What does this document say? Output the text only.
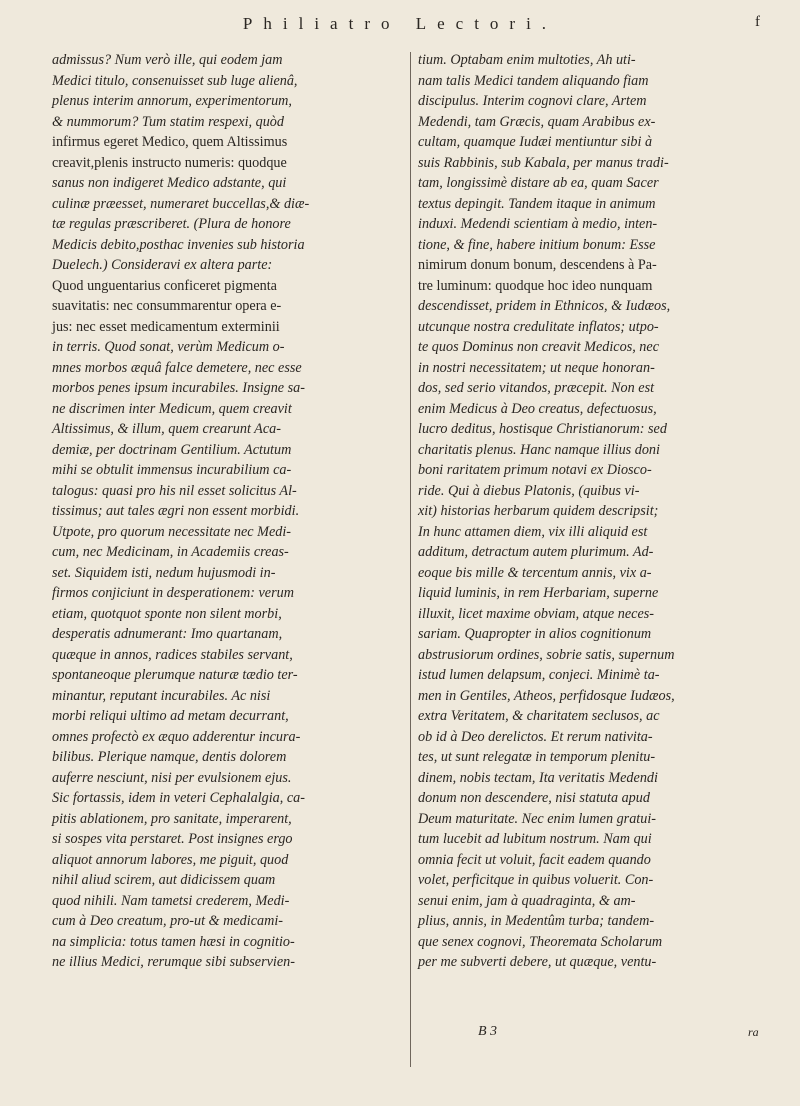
Philiatro Lectori.	f
admissus? Num verò ille, qui eodem jam
Medici titulo, consenuisset sub luge alienâ,
plenus interim annorum, experimentorum,
& nummorum? Tum statim respexi, quòd
infirmus egeret Medico, quem Altissimus
creavit,plenis instructo numeris: quodque
sanus non indigeret Medico adstante, qui
culinæ præesset, numeraret buccellas,& diæ-
tæ regulas præscriberet. (Plura de honore
Medicis debito,posthac invenies sub historia
Duelech.) Consideravi ex altera parte:
Quod unguentarius conficeret pigmenta
suavitatis: nec consummarentur opera e-
jus: nec esset medicamentum exterminii
in terris. Quod sonat, verùm Medicum o-
mnes morbos æquâ falce demetere, nec esse
morbos penes ipsum incurabiles. Insigne sa-
ne discrimen inter Medicum, quem creavit
Altissimus, & illum, quem crearunt Aca-
demiæ, per doctrinam Gentilium. Actutum
mihi se obtulit immensus incurabilium ca-
talogus: quasi pro his nil esset solicitus Al-
tissimus; aut tales ægri non essent morbidi.
Utpote, pro quorum necessitate nec Medi-
cum, nec Medicinam, in Academiis creas-
set. Siquidem isti, nedum hujusmodi in-
firmos conjiciunt in desperationem: verum
etiam, quotquot sponte non silent morbi,
desperatis adnumerant: Imo quartanam,
quæque in annos, radices stabiles servant,
spontaneoque plerumque naturæ tædio ter-
minantur, reputant incurabiles. Ac nisi
morbi reliqui ultimo ad metam decurrant,
omnes profectò ex æquo adderentur incura-
bilibus. Plerique namque, dentis dolorem
auferre nesciunt, nisi per evulsionem ejus.
Sic fortassis, idem in veteri Cephalalgia, ca-
pitis ablationem, pro sanitate, imperarent,
si sospes vita perstaret. Post insignes ergo
aliquot annorum labores, me piguit, quod
nihil aliud scirem, aut didicissem quam
quod nihili. Nam tametsi crederem, Medi-
cum à Deo creatum, pro-ut & medicami-
na simplicia: totus tamen hæsi in cognitio-
ne illius Medici, rerumque sibi subservien-
tium. Optabam enim multoties, Ah uti-
nam talis Medici tandem aliquando fiam
discipulus. Interim cognovi clare, Artem
Medendi, tam Græcis, quam Arabibus ex-
cultam, quamque Iudæi mentiuntur sibi à
suis Rabbinis, sub Kabala, per manus tradi-
tam, longissimè distare ab ea, quam Sacer
textus depingit. Tandem itaque in animum
induxi. Medendi scientiam à medio, inten-
tione, & fine, habere initium bonum: Esse
nimirum donum bonum, descendens à Pa-
tre luminum: quodque hoc ideo nunquam
descendisset, pridem in Ethnicos, & Iudæos,
utcunque nostra credulitate inflatos; utpo-
te quos Dominus non creavit Medicos, nec
in nostri necessitatem; ut neque honoran-
dos, sed serio vitandos, præcepit. Non est
enim Medicus à Deo creatus, defectuosus,
lucro deditus, hostisque Christianorum: sed
charitatis plenus. Hanc namque illius doni
boni raritatem primum notavi ex Diosco-
ride. Qui à diebus Platonis, (quibus vi-
xit) historias herbarum quidem descripsit;
In hunc attamen diem, vix illi aliquid est
additum, detractum autem plurimum. Ad-
eoque bis mille & tercentum annis, vix a-
liquid luminis, in rem Herbariam, superne
illuxit, licet maxime obviam, atque neces-
sariam. Quapropter in alios cognitionum
abstrusiorum ordines, sobrie satis, supernum
istud lumen delapsum, conjeci. Minimè ta-
men in Gentiles, Atheos, perfidosque Iudæos,
extra Veritatem, & charitatem seclusos, ac
ob id à Deo derelictos. Et rerum nativita-
tes, ut sunt relegatæ in temporum plenitu-
dinem, nobis tectam, Ita veritatis Medendi
donum non descendere, nisi statuta apud
Deum maturitate. Nec enim lumen gratui-
tum lucebit ad lubitum nostrum. Nam qui
omnia fecit ut voluit, facit eadem quando
volet, perficitque in quibus voluerit. Con-
senui enim, jam à quadraginta, & am-
plius, annis, in Medentûm turba; tandem-
que senex cognovi, Theoremata Scholarum
per me subverti debere, ut quæque, ventu-
B 3	ra
